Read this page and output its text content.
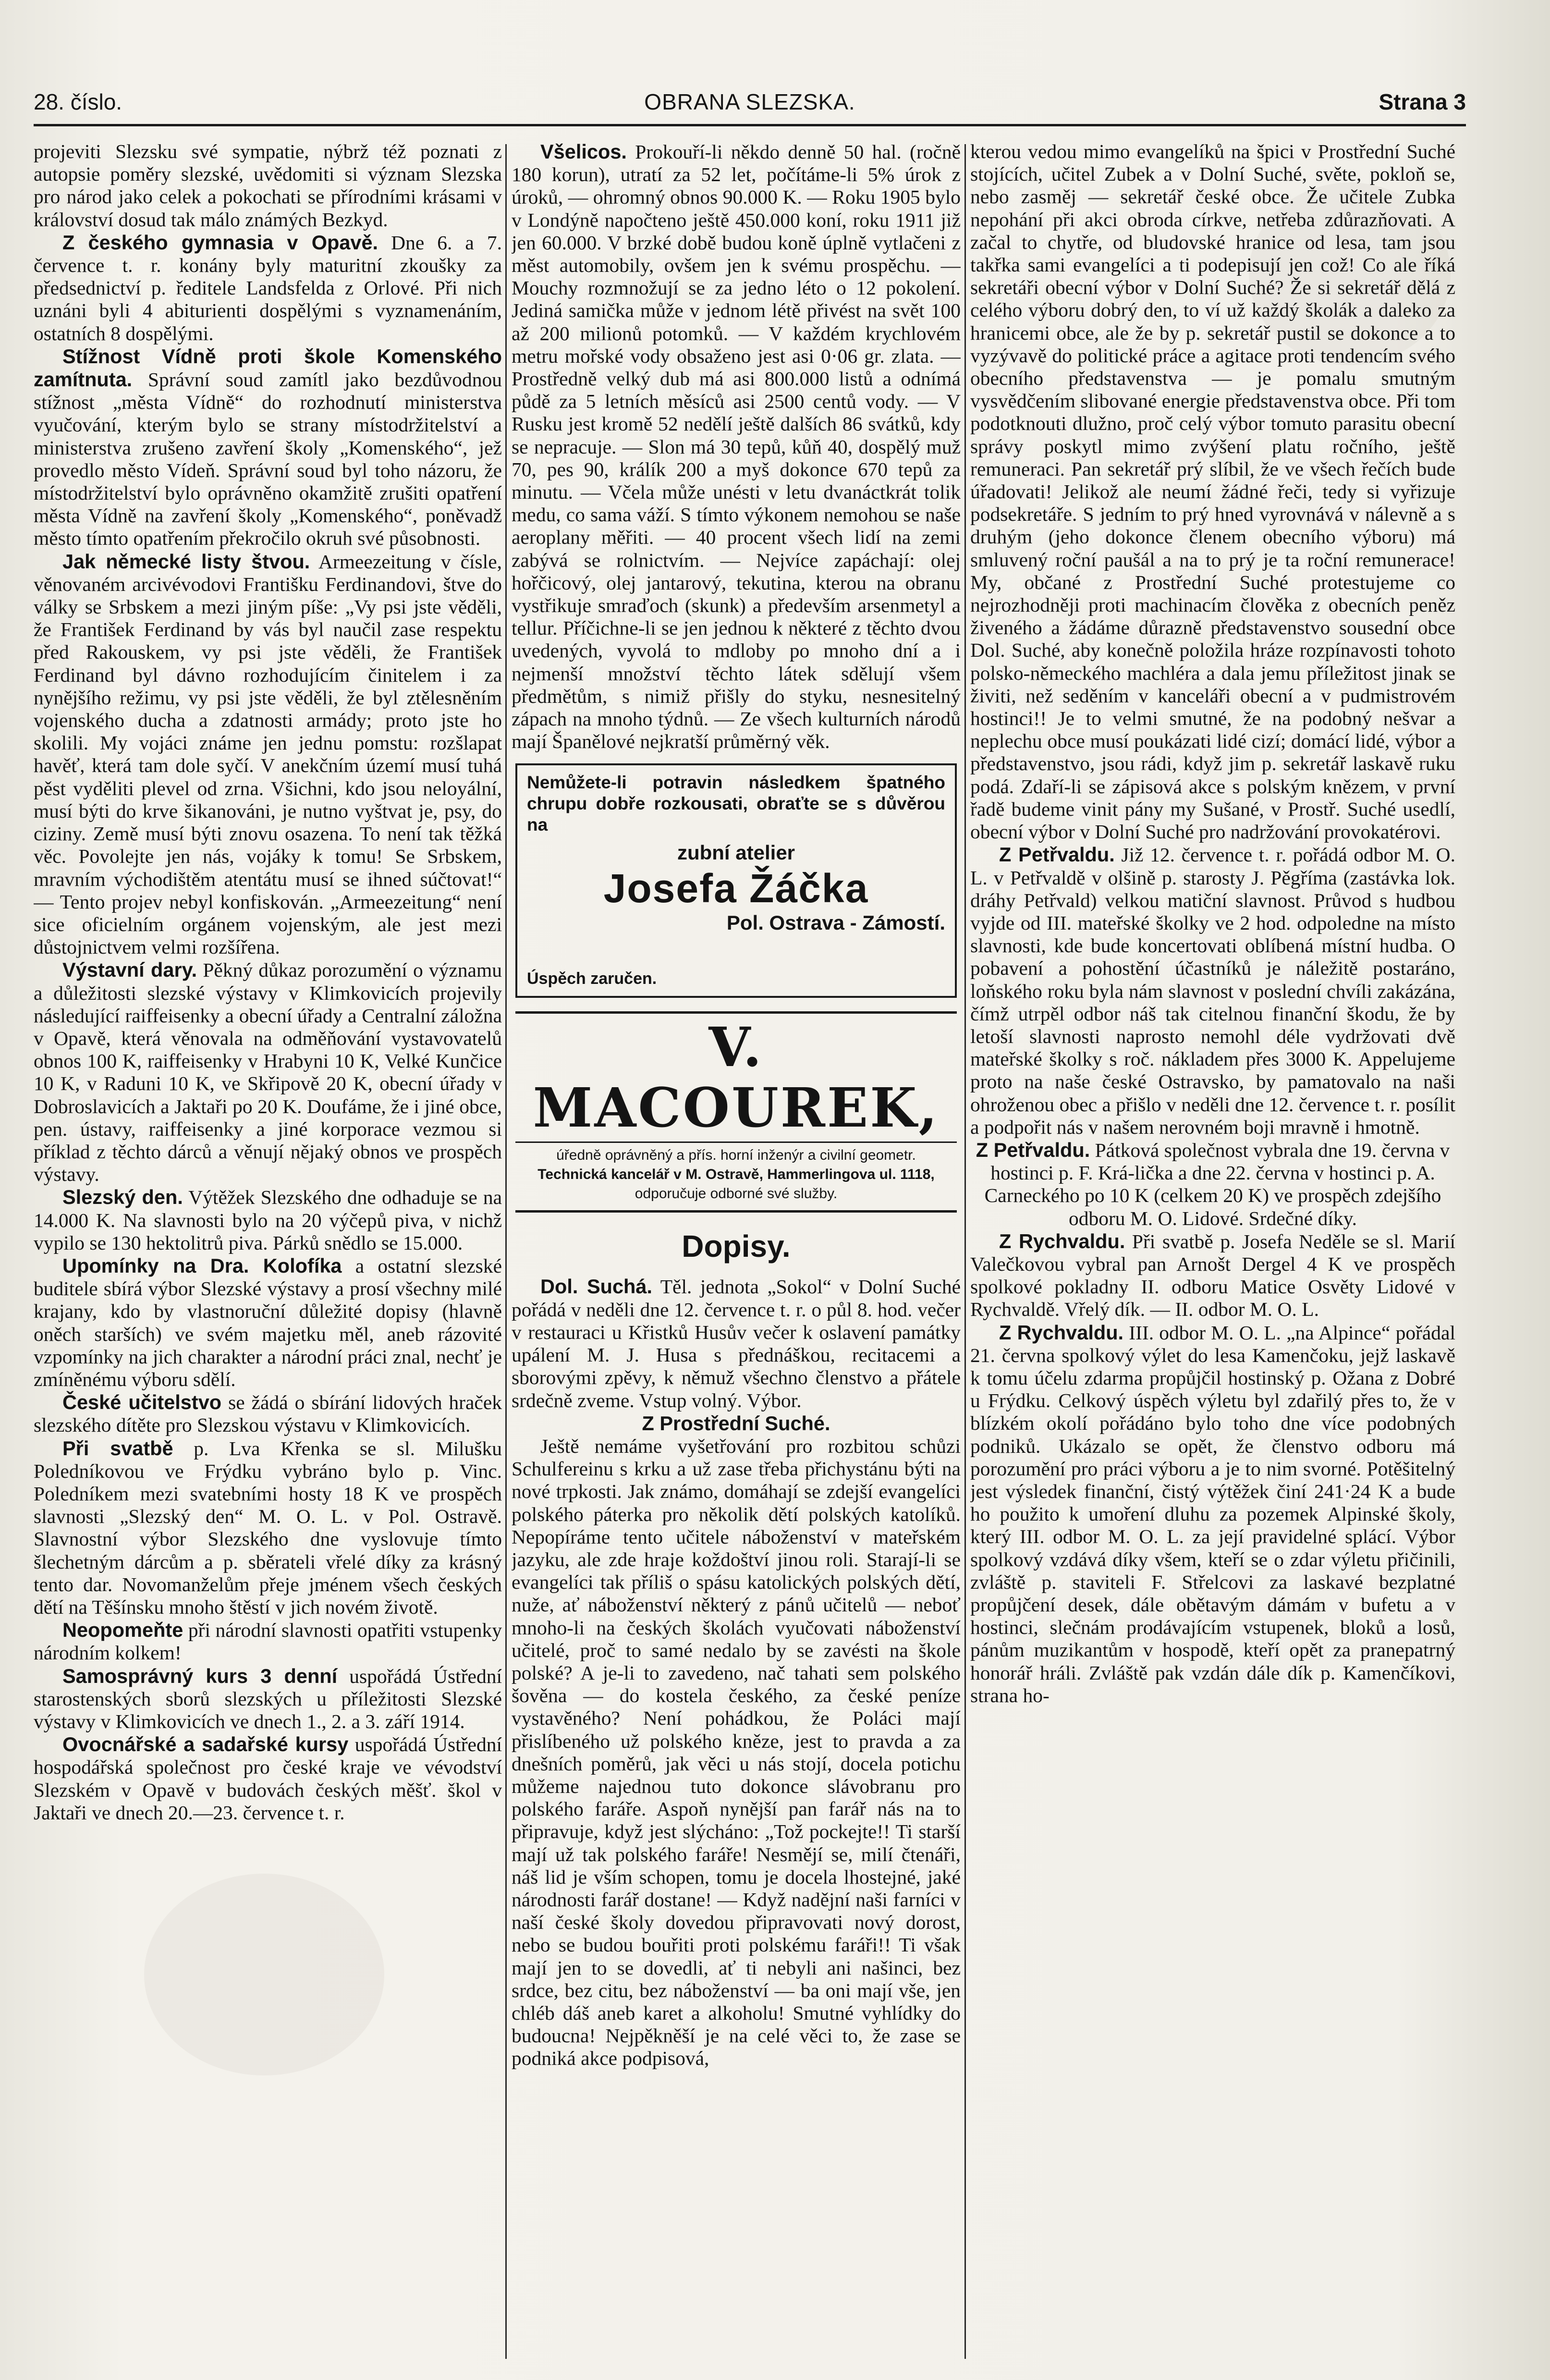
28. číslo.	OBRANA SLEZSKA.	Strana 3

projeviti Slezsku své sympatie, nýbrž též poznati z autopsie poměry slezské, uvědomiti si význam Slezska pro národ jako celek a pokochati se přírodními krásami v království dosud tak málo známých Bezkyd.

Z českého gymnasia v Opavě. Dne 6. a 7. července t. r. konány byly maturitní zkoušky za předsednictví p. ředitele Landsfelda z Orlové. Při nich uznáni byli 4 abiturienti dospělými s vyznamenáním, ostatních 8 dospělými.

Stížnost Vídně proti škole Komenského zamítnuta. Správní soud zamítl jako bezdůvodnou stížnost „města Vídně“ do rozhodnutí ministerstva vyučování, kterým bylo se strany místodržitelství a ministerstva zrušeno zavření školy „Komenského“, jež provedlo město Vídeň. Správní soud byl toho názoru, že místodržitelství bylo oprávněno okamžitě zrušiti opatření města Vídně na zavření školy „Komenského“, poněvadž město tímto opatřením překročilo okruh své působnosti.

Jak německé listy štvou. Armeezeitung v čísle, věnovaném arcivévodovi Františku Ferdinandovi, štve do války se Srbskem a mezi jiným píše: „Vy psi jste věděli, že František Ferdinand by vás byl naučil zase respektu před Rakouskem, vy psi jste věděli, že František Ferdinand byl dávno rozhodujícím činitelem i za nynějšího režimu, vy psi jste věděli, že byl ztělesněním vojenského ducha a zdatnosti armády; proto jste ho skolili. My vojáci známe jen jednu pomstu: rozšlapat havěť, která tam dole syčí. V anekčním území musí tuhá pěst vyděliti plevel od zrna. Všichni, kdo jsou neloyální, musí býti do krve šikanováni, je nutno vyštvat je, psy, do ciziny. Země musí býti znovu osazena. To není tak těžká věc. Povolejte jen nás, vojáky k tomu! Se Srbskem, mravním východištěm atentátu musí se ihned súčtovat!“ — Tento projev nebyl konfiskován. „Armeezeitung“ není sice oficielním orgánem vojenským, ale jest mezi důstojnictvem velmi rozšířena.

Výstavní dary. Pěkný důkaz porozumění o významu a důležitosti slezské výstavy v Klimkovicích projevily následující raiffeisenky a obecní úřady a Centralní záložna v Opavě, která věnovala na odměňování vystavovatelů obnos 100 K, raiffeisenky v Hrabyni 10 K, Velké Kunčice 10 K, v Raduni 10 K, ve Skřipově 20 K, obecní úřady v Dobroslavicích a Jaktaři po 20 K. Doufáme, že i jiné obce, pen. ústavy, raiffeisenky a jiné korporace vezmou si příklad z těchto dárců a věnují nějaký obnos ve prospěch výstavy.

Slezský den. Výtěžek Slezského dne odhaduje se na 14.000 K. Na slavnosti bylo na 20 výčepů piva, v nichž vypilo se 130 hektolitrů piva. Párků snědlo se 15.000.

Upomínky na Dra. Kolofíka a ostatní slezské buditele sbírá výbor Slezské výstavy a prosí všechny milé krajany, kdo by vlastnoruční důležité dopisy (hlavně oněch starších) ve svém majetku měl, aneb rázovité vzpomínky na jich charakter a národní práci znal, nechť je zmíněnému výboru sdělí.

České učitelstvo se žádá o sbírání lidových hraček slezského dítěte pro Slezskou výstavu v Klimkovicích.

Při svatbě p. Lva Křenka se sl. Milušku Poledníkovou ve Frýdku vybráno bylo p. Vinc. Poledníkem mezi svatebními hosty 18 K ve prospěch slavnosti „Slezský den“ M. O. L. v Pol. Ostravě. Slavnostní výbor Slezského dne vyslovuje tímto šlechetným dárcům a p. sběrateli vřelé díky za krásný tento dar. Novomanželům přeje jménem všech českých dětí na Těšínsku mnoho štěstí v jich novém životě.

Neopomeňte při národní slavnosti opatřiti vstupenky národním kolkem!

Samosprávný kurs 3 denní uspořádá Ústřední starostenských sborů slezských u příležitosti Slezské výstavy v Klimkovicích ve dnech 1., 2. a 3. září 1914.

Ovocnářské a sadařské kursy uspořádá Ústřední hospodářská společnost pro české kraje ve vévodství Slezském v Opavě v budovách českých měšť. škol v Jaktaři ve dnech 20.—23. července t. r.

Všelicos. Prokouří-li někdo denně 50 hal. (ročně 180 korun), utratí za 52 let, počítáme-li 5% úrok z úroků, — ohromný obnos 90.000 K. — Roku 1905 bylo v Londýně napočteno ještě 450.000 koní, roku 1911 již jen 60.000. V brzké době budou koně úplně vytlačeni z měst automobily, ovšem jen k svému prospěchu. — Mouchy rozmnožují se za jedno léto o 12 pokolení. Jediná samička může v jednom létě přivést na svět 100 až 200 milionů potomků. — V každém krychlovém metru mořské vody obsaženo jest asi 0·06 gr. zlata. — Prostředně velký dub má asi 800.000 listů a odnímá půdě za 5 letních měsíců asi 2500 centů vody. — V Rusku jest kromě 52 nedělí ještě dalších 86 svátků, kdy se nepracuje. — Slon má 30 tepů, kůň 40, dospělý muž 70, pes 90, králík 200 a myš dokonce 670 tepů za minutu. — Včela může unésti v letu dvanáctkrát tolik medu, co sama váží. S tímto výkonem nemohou se naše aeroplany měřiti. — 40 procent všech lidí na zemi zabývá se rolnictvím. — Nejvíce zapáchají: olej hořčicový, olej jantarový, tekutina, kterou na obranu vystřikuje smraďoch (skunk) a především arsenmetyl a tellur. Příčichne-li se jen jednou k některé z těchto dvou uvedených, vyvolá to mdloby po mnoho dní a i nejmenší množství těchto látek sdělují všem předmětům, s nimiž přišly do styku, nesnesitelný zápach na mnoho týdnů. — Ze všech kulturních národů mají Španělové nejkratší průměrný věk.

Nemůžete-li potravin následkem špatného chrupu dobře rozkousati, obraťte se s důvěrou na
zubní atelier
Josefa Žáčka
Pol. Ostrava - Zámostí.
Úspěch zaručen.
V. MACOUREK,
úředně oprávněný a přís. horní inženýr a civilní geometr.
Technická kancelář v M. Ostravě, Hammerlingova ul. 1118,
odporučuje odborné své služby.
Dopisy.

Dol. Suchá. Těl. jednota „Sokol“ v Dolní Suché pořádá v neděli dne 12. července t. r. o půl 8. hod. večer v restauraci u Křistků Husův večer k oslavení památky upálení M. J. Husa s přednáškou, recitacemi a sborovými zpěvy, k němuž všechno členstvo a přátele srdečně zveme. Vstup volný. Výbor.

Z Prostřední Suché.

Ještě nemáme vyšetřování pro rozbitou schůzi Schulfereinu s krku a už zase třeba přichystánu býti na nové trpkosti. Jak známo, domáhají se zdejší evangelíci polského páterka pro několik dětí polských katolíků. Nepopíráme tento učitele náboženství v mateřském jazyku, ale zde hraje koždoštví jinou roli. Starají-li se evangelíci tak příliš o spásu katolických polských dětí, nuže, ať náboženství některý z pánů učitelů — neboť mnoho-li na českých školách vyučovati náboženství učitelé, proč to samé nedalo by se zavésti na škole polské? A je-li to zavedeno, nač tahati sem polského šověna — do kostela českého, za české peníze vystavěného? Není pohádkou, že Poláci mají přislíbeného už polského kněze, jest to pravda a za dnešních poměrů, jak věci u nás stojí, docela potichu můžeme najednou tuto dokonce slávobranu pro polského faráře. Aspoň nynější pan farář nás na to připravuje, když jest slýcháno: „Tož pockejte!! Ti starší mají už tak polského faráře! Nesmějí se, milí čtenáři, náš lid je vším schopen, tomu je docela lhostejné, jaké národnosti farář dostane! — Když nadějní naši farníci v naší české školy dovedou připravovati nový dorost, nebo se budou bouřiti proti polskému faráři!! Ti však mají jen to se dovedli, ať ti nebyli ani našinci, bez srdce, bez citu, bez náboženství — ba oni mají vše, jen chléb dáš aneb karet a alkoholu! Smutné vyhlídky do budoucna! Nejpěkněší je na celé věci to, že zase se podniká akce podpisová,

kterou vedou mimo evangelíků na špici v Prostřední Suché stojících, učitel Zubek a v Dolní Suché, světe, pokloň se, nebo zasměj — sekretář české obce. Že učitele Zubka nepohání při akci obroda církve, netřeba zdůrazňovati. A začal to chytře, od bludovské hranice od lesa, tam jsou takřka sami evangelíci a ti podepisují jen což! Co ale říká sekretáři obecní výbor v Dolní Suché? Že si sekretář dělá z celého výboru dobrý den, to ví už každý školák a daleko za hranicemi obce, ale že by p. sekretář pustil se dokonce a to vyzývavě do politické práce a agitace proti tendencím svého obecního představenstva — je pomalu smutným vysvědčením slibované energie představenstva obce. Při tom podotknouti dlužno, proč celý výbor tomuto parasitu obecní správy poskytl mimo zvýšení platu ročního, ještě remuneraci. Pan sekretář prý slíbil, že ve všech řečích bude úřadovati! Jelikož ale neumí žádné řeči, tedy si vyřizuje podsekretáře. S jedním to prý hned vyrovnává v nálevně a s druhým (jeho dokonce členem obecního výboru) má smluvený roční paušál a na to prý je ta roční remunerace! My, občané z Prostřední Suché protestujeme co nejrozhodněji proti machinacím člověka z obecních peněz živeného a žádáme důrazně představenstvo sousední obce Dol. Suché, aby konečně položila hráze rozpínavosti tohoto polsko-německého machléra a dala jemu příležitost jinak se živiti, než seděním v kanceláři obecní a v pudmistrovém hostinci!! Je to velmi smutné, že na podobný nešvar a neplechu obce musí poukázati lidé cizí; domácí lidé, výbor a představenstvo, jsou rádi, když jim p. sekretář laskavě ruku podá. Zdaří-li se zápisová akce s polským knězem, v první řadě budeme vinit pány my Sušané, v Prostř. Suché usedlí, obecní výbor v Dolní Suché pro nadržování provokatérovi.

Z Petřvaldu. Již 12. července t. r. pořádá odbor M. O. L. v Petřvaldě v olšině p. starosty J. Pěgříma (zastávka lok. dráhy Petřvald) velkou matiční slavnost. Průvod s hudbou vyjde od III. mateřské školky ve 2 hod. odpoledne na místo slavnosti, kde bude koncertovati oblíbená místní hudba. O pobavení a pohostění účastníků je náležitě postaráno, loňského roku byla nám slavnost v poslední chvíli zakázána, čímž utrpěl odbor náš tak citelnou finanční škodu, že by letoší slavnosti naprosto nemohl déle vydržovati dvě mateřské školky s roč. nákladem přes 3000 K. Appelujeme proto na naše české Ostravsko, by pamatovalo na naši ohroženou obec a přišlo v neděli dne 12. července t. r. posílit a podpořit nás v našem nerovném boji mravně i hmotně.

Z Petřvaldu. Pátková společnost vybrala dne 19. června v hostinci p. F. Krá-lička a dne 22. června v hostinci p. A. Carneckého po 10 K (celkem 20 K) ve prospěch zdejšího odboru M. O. Lidové. Srdečné díky.

Z Rychvaldu. Při svatbě p. Josefa Neděle se sl. Marií Valečkovou vybral pan Arnošt Dergel 4 K ve prospěch spolkové pokladny II. odboru Matice Osvěty Lidové v Rychvaldě. Vřelý dík. — II. odbor M. O. L.

Z Rychvaldu. III. odbor M. O. L. „na Alpince“ pořádal 21. června spolkový výlet do lesa Kamenčoku, jejž laskavě k tomu účelu zdarma propůjčil hostinský p. Ožana z Dobré u Frýdku. Celkový úspěch výletu byl zdařilý přes to, že v blízkém okolí pořádáno bylo toho dne více podobných podniků. Ukázalo se opět, že členstvo odboru má porozumění pro práci výboru a je to nim svorné. Potěšitelný jest výsledek finanční, čistý výtěžek činí 241·24 K a bude ho použito k umoření dluhu za pozemek Alpinské školy, který III. odbor M. O. L. za její pravidelné splácí. Výbor spolkový vzdává díky všem, kteří se o zdar výletu přičinili, zvláště p. staviteli F. Střelcovi za laskavé bezplatné propůjčení desek, dále obětavým dámám v bufetu a v hostinci, slečnám prodávajícím vstupenek, bloků a losů, pánům muzikantům v hospodě, kteří opět za pranepatrný honorář hráli. Zvláště pak vzdán dále dík p. Kamenčíkovi, strana ho-
